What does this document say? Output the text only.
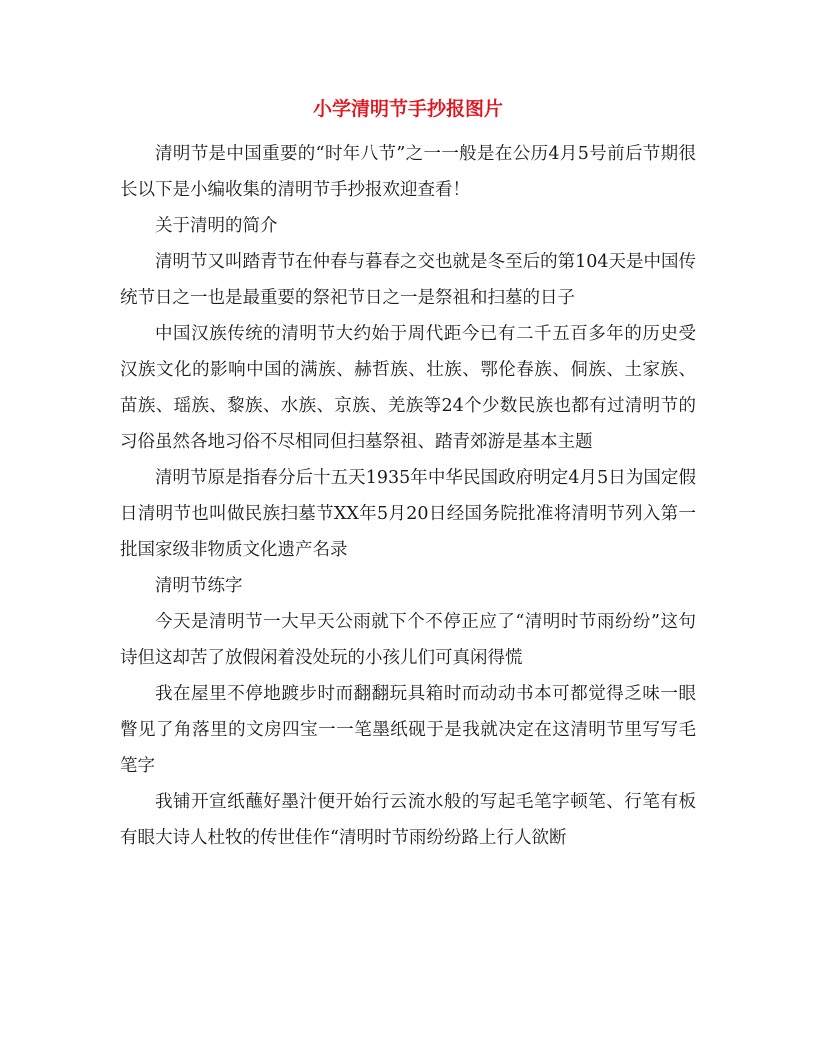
小学清明节手抄报图片

清明节是中国重要的“时年八节”之一一般是在公历4月5号前后节期很长以下是小编收集的清明节手抄报欢迎查看！

关于清明的简介

清明节又叫踏青节在仲春与暮春之交也就是冬至后的第104天是中国传统节日之一也是最重要的祭祀节日之一是祭祖和扫墓的日子

中国汉族传统的清明节大约始于周代距今已有二千五百多年的历史受汉族文化的影响中国的满族、赫哲族、壮族、鄂伦春族、侗族、土家族、苗族、瑶族、黎族、水族、京族、羌族等24个少数民族也都有过清明节的习俗虽然各地习俗不尽相同但扫墓祭祖、踏青郊游是基本主题

清明节原是指春分后十五天1935年中华民国政府明定4月5日为国定假日清明节也叫做民族扫墓节XX年5月20日经国务院批准将清明节列入第一批国家级非物质文化遗产名录

清明节练字

今天是清明节一大早天公雨就下个不停正应了“清明时节雨纷纷”这句诗但这却苦了放假闲着没处玩的小孩儿们可真闲得慌

我在屋里不停地踱步时而翻翻玩具箱时而动动书本可都觉得乏味一眼瞥见了角落里的文房四宝一一笔墨纸砚于是我就决定在这清明节里写写毛笔字

我铺开宣纸蘸好墨汁便开始行云流水般的写起毛笔字顿笔、行笔有板有眼大诗人杜牧的传世佳作“清明时节雨纷纷路上行人欲断
